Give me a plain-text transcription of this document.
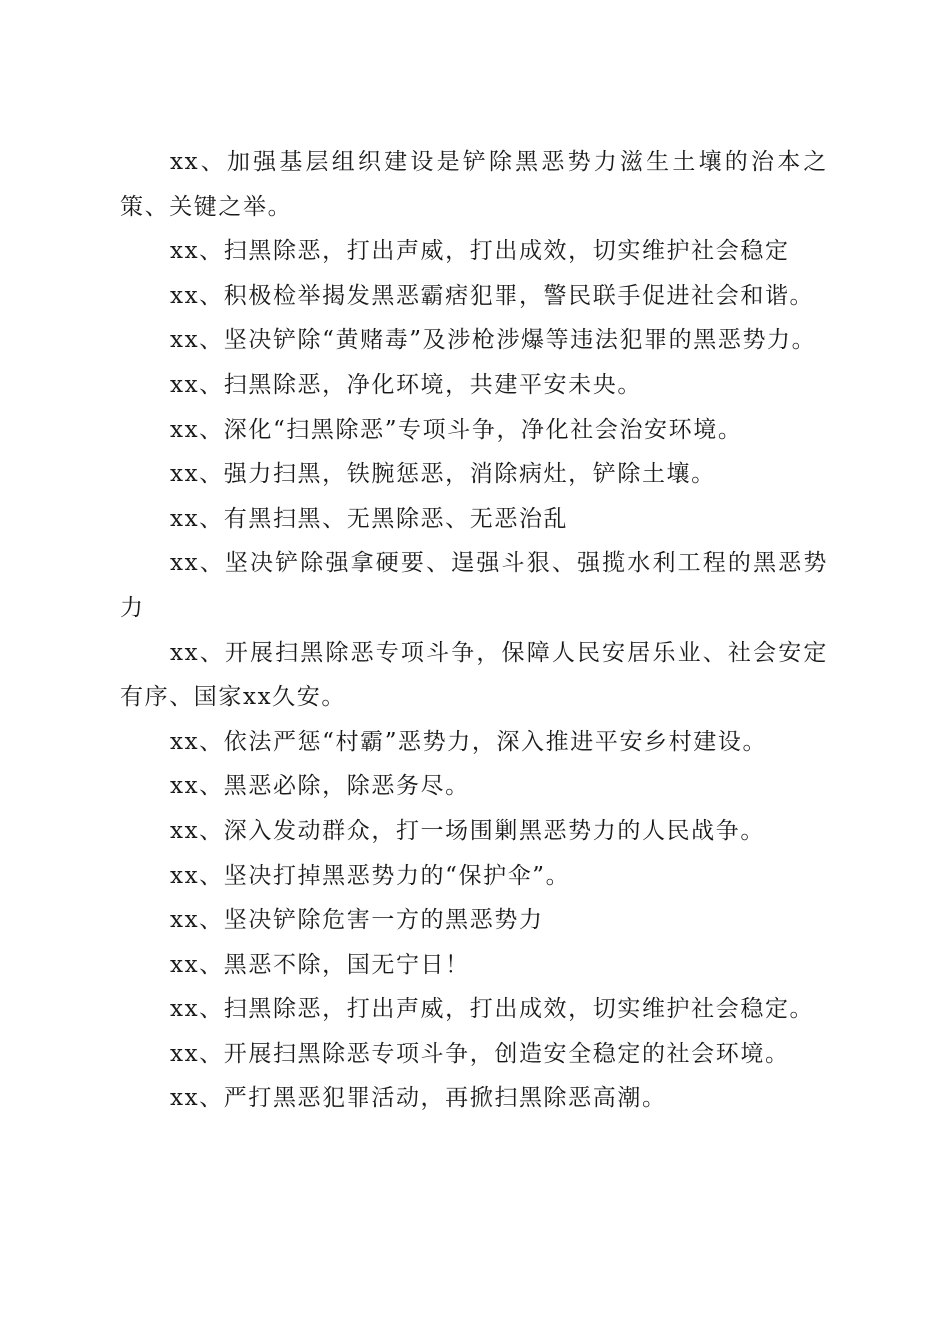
xx、加强基层组织建设是铲除黑恶势力滋生土壤的治本之策、关键之举。

xx、扫黑除恶，打出声威，打出成效，切实维护社会稳定

xx、积极检举揭发黑恶霸痞犯罪，警民联手促进社会和谐。

xx、坚决铲除“黄赌毒”及涉枪涉爆等违法犯罪的黑恶势力。

xx、扫黑除恶，净化环境，共建平安未央。

xx、深化“扫黑除恶”专项斗争，净化社会治安环境。

xx、强力扫黑，铁腕惩恶，消除病灶，铲除土壤。

xx、有黑扫黑、无黑除恶、无恶治乱

xx、坚决铲除强拿硬要、逞强斗狠、强揽水利工程的黑恶势力

xx、开展扫黑除恶专项斗争，保障人民安居乐业、社会安定有序、国家xx久安。

xx、依法严惩“村霸”恶势力，深入推进平安乡村建设。

xx、黑恶必除，除恶务尽。

xx、深入发动群众，打一场围剿黑恶势力的人民战争。

xx、坚决打掉黑恶势力的“保护伞”。

xx、坚决铲除危害一方的黑恶势力

xx、黑恶不除，国无宁日！

xx、扫黑除恶，打出声威，打出成效，切实维护社会稳定。

xx、开展扫黑除恶专项斗争，创造安全稳定的社会环境。

xx、严打黑恶犯罪活动，再掀扫黑除恶高潮。
